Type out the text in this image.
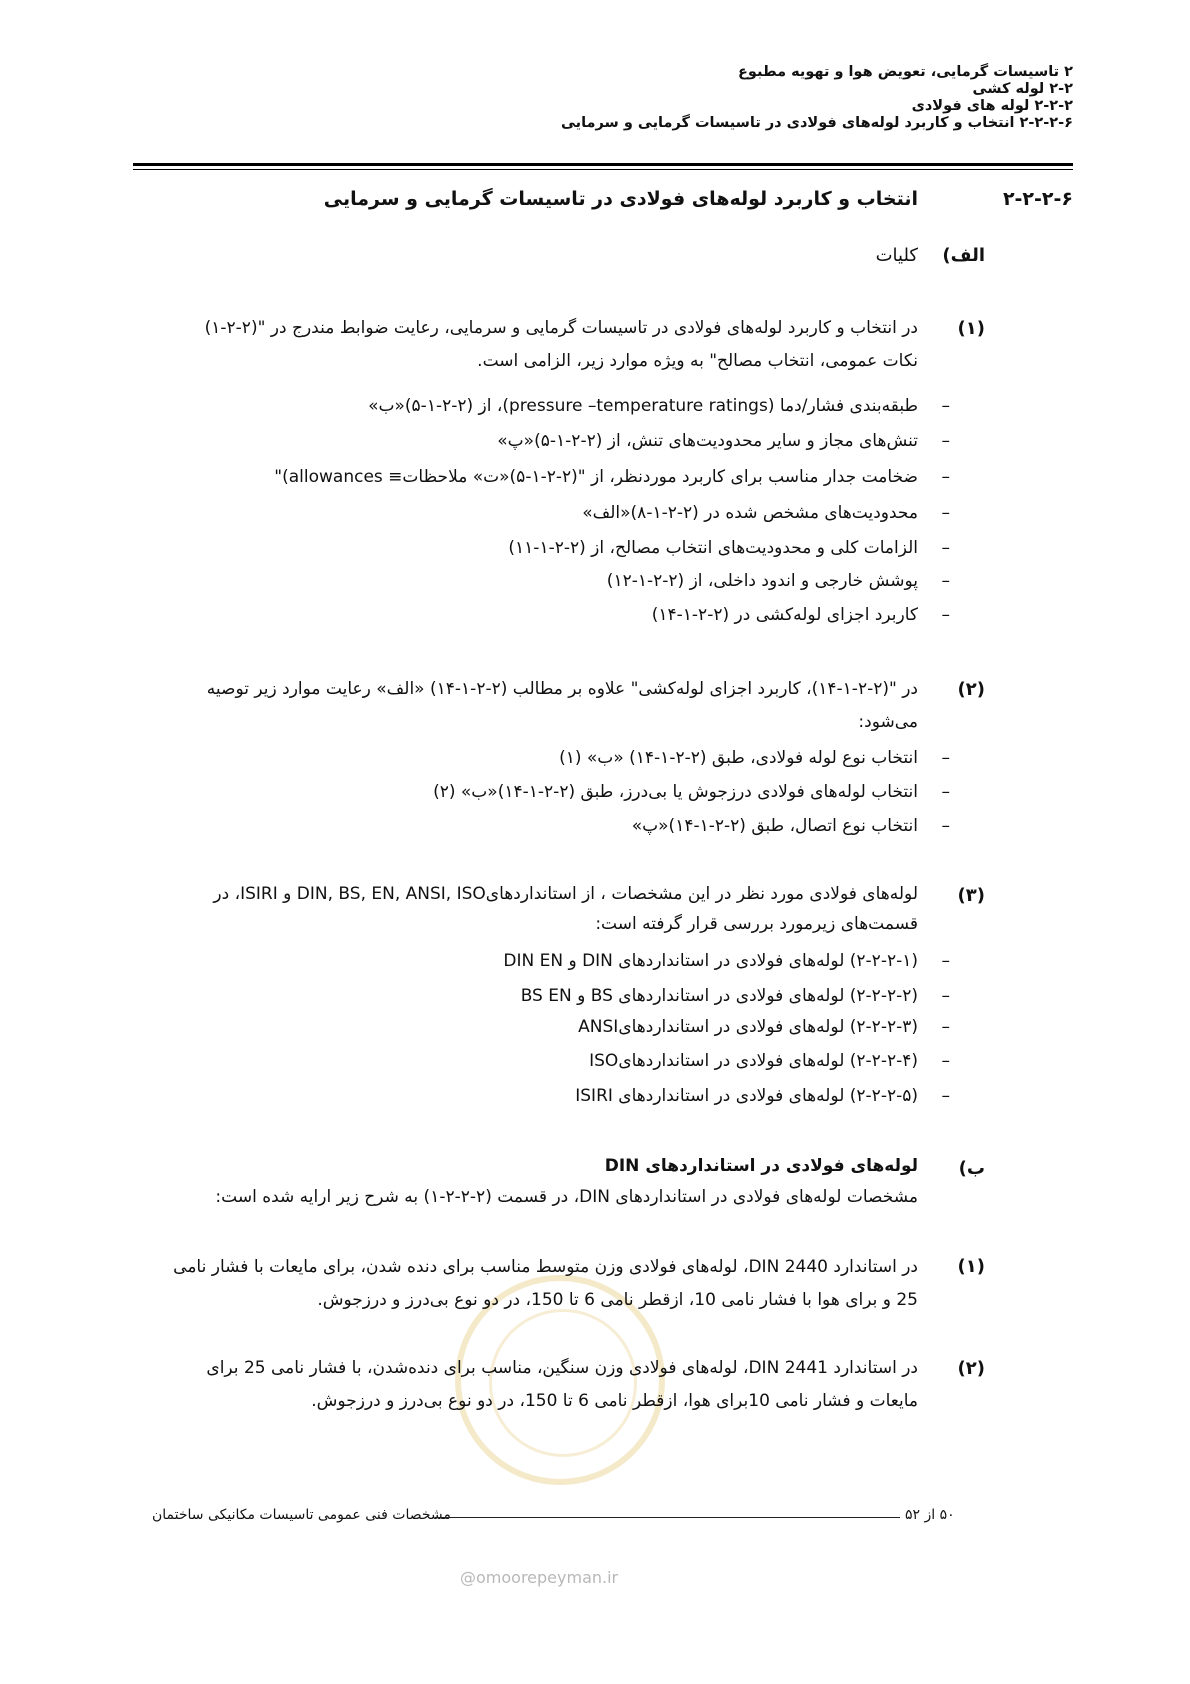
۲ تاسیسات گرمایی، تعویض هوا و تهویه مطبوع
۲-۲ لوله کشی
۲-۲-۲ لوله های فولادی
۲-۲-۲-۶ انتخاب و کاربرد لوله‌های فولادی در تاسیسات گرمایی و سرمایی
۲-۲-۲-۶
انتخاب و کاربرد لوله‌های فولادی در تاسیسات گرمایی و سرمایی
الف)
کلیات
(۱)
در انتخاب و کاربرد لوله‌های فولادی در تاسیسات گرمایی و سرمایی، رعایت ضوابط مندرج در "(۲-۲-۱)
نکات عمومی، انتخاب مصالح" به ویژه موارد زیر، الزامی است.
طبقه‌بندی فشار/دما (pressure –temperature ratings)، از (۲-۲-۱-۵)«ب» –
تنش‌های مجاز و سایر محدودیت‌های تنش، از (۲-۲-۱-۵)«پ» –
ضخامت جدار مناسب برای کاربرد موردنظر، از "(۲-۲-۱-۵)«ت» ملاحظات≡ allowances)" –
محدودیت‌های مشخص شده در (۲-۲-۱-۸)«الف» –
الزامات کلی و محدودیت‌های انتخاب مصالح، از (۲-۲-۱-۱۱) –
پوشش خارجی و اندود داخلی، از (۲-۲-۱-۱۲) –
کاربرد اجزای لوله‌کشی در (۲-۲-۱-۱۴) –
(۲)
در "(۲-۲-۱-۱۴)، کاربرد اجزای لوله‌کشی" علاوه بر مطالب (۲-۲-۱-۱۴) «الف» رعایت موارد زیر توصیه
می‌شود:
انتخاب نوع لوله فولادی، طبق (۲-۲-۱-۱۴) «ب» (۱) –
انتخاب لوله‌های فولادی درزجوش یا بی‌درز، طبق (۲-۲-۱-۱۴)«ب» (۲) –
انتخاب نوع اتصال، طبق (۲-۲-۱-۱۴)«پ» –
(۳)
لوله‌های فولادی مورد نظر در این مشخصات ، از استانداردهایDIN, BS, EN, ANSI, ISO و ISIRI، در
قسمت‌های زیرمورد بررسی قرار گرفته است:
(۲-۲-۲-۱) لوله‌های فولادی در استانداردهای DIN و DIN EN –
(۲-۲-۲-۲) لوله‌های فولادی در استانداردهای BS و BS EN –
(۲-۲-۲-۳) لوله‌های فولادی در استانداردهایANSI –
(۲-۲-۲-۴) لوله‌های فولادی در استانداردهایISO –
(۲-۲-۲-۵) لوله‌های فولادی در استانداردهای ISIRI –
ب)
لوله‌های فولادی در استانداردهای DIN
مشخصات لوله‌های فولادی در استانداردهای DIN، در قسمت (۲-۲-۲-۱) به شرح زیر ارایه شده است:
(۱)
در استاندارد DIN 2440، لوله‌های فولادی وزن متوسط مناسب برای دنده شدن، برای مایعات با فشار نامی
25 و برای هوا با فشار نامی 10، ازقطر نامی 6 تا 150، در دو نوع بی‌درز و درزجوش.
(۲)
در استاندارد DIN 2441، لوله‌های فولادی وزن سنگین، مناسب برای دنده‌شدن، با فشار نامی 25 برای
مایعات و فشار نامی 10برای هوا، ازقطر نامی 6 تا 150، در دو نوع بی‌درز و درزجوش.
مشخصات فنی عمومی تاسیسات مکانیکی ساختمان	۵۰ از ۵۲
@omoorepeyman.ir
